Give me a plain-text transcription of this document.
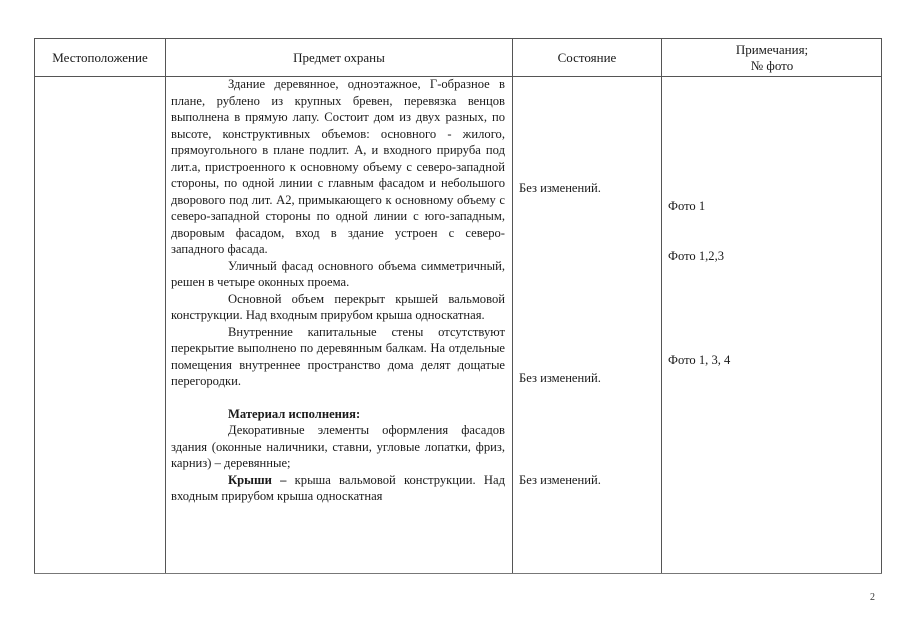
Местоположение	Предмет охраны	Состояние
Примечания;
№ фото

Здание деревянное, одноэтажное, Г-образное в плане, рублено из крупных бревен, перевязка венцов выполнена в прямую лапу. Состоит дом из двух разных, по высоте, конструктивных объемов: основного - жилого, прямоугольного в плане подлит. А, и входного прируба под лит.а, пристроенного к основному объему с северо-западной стороны, по одной линии с главным фасадом и небольшого дворового под лит. А2, примыкающего к основному объему с северо-западной стороны по одной линии с юго-западным, дворовым фасадом, вход в здание устроен с северо- западного фасада.

Уличный фасад основного объема симметричный, решен в четыре оконных проема.

Основной объем перекрыт крышей вальмовой конструкции. Над входным прирубом крыша односкатная.

Внутренние капитальные стены отсутствуют перекрытие выполнено по деревянным балкам. На отдельные помещения внутреннее пространство дома делят дощатые перегородки.

Материал исполнения:

Декоративные элементы оформления фасадов здания (оконные наличники, ставни, угловые лопатки, фриз, карниз) – деревянные;

Крыши – крыша вальмовой конструкции. Над входным прирубом крыша односкатная

Без изменений.
Без изменений.
Без изменений.
Фото 1
Фото 1,2,3
Фото 1, 3, 4
2
